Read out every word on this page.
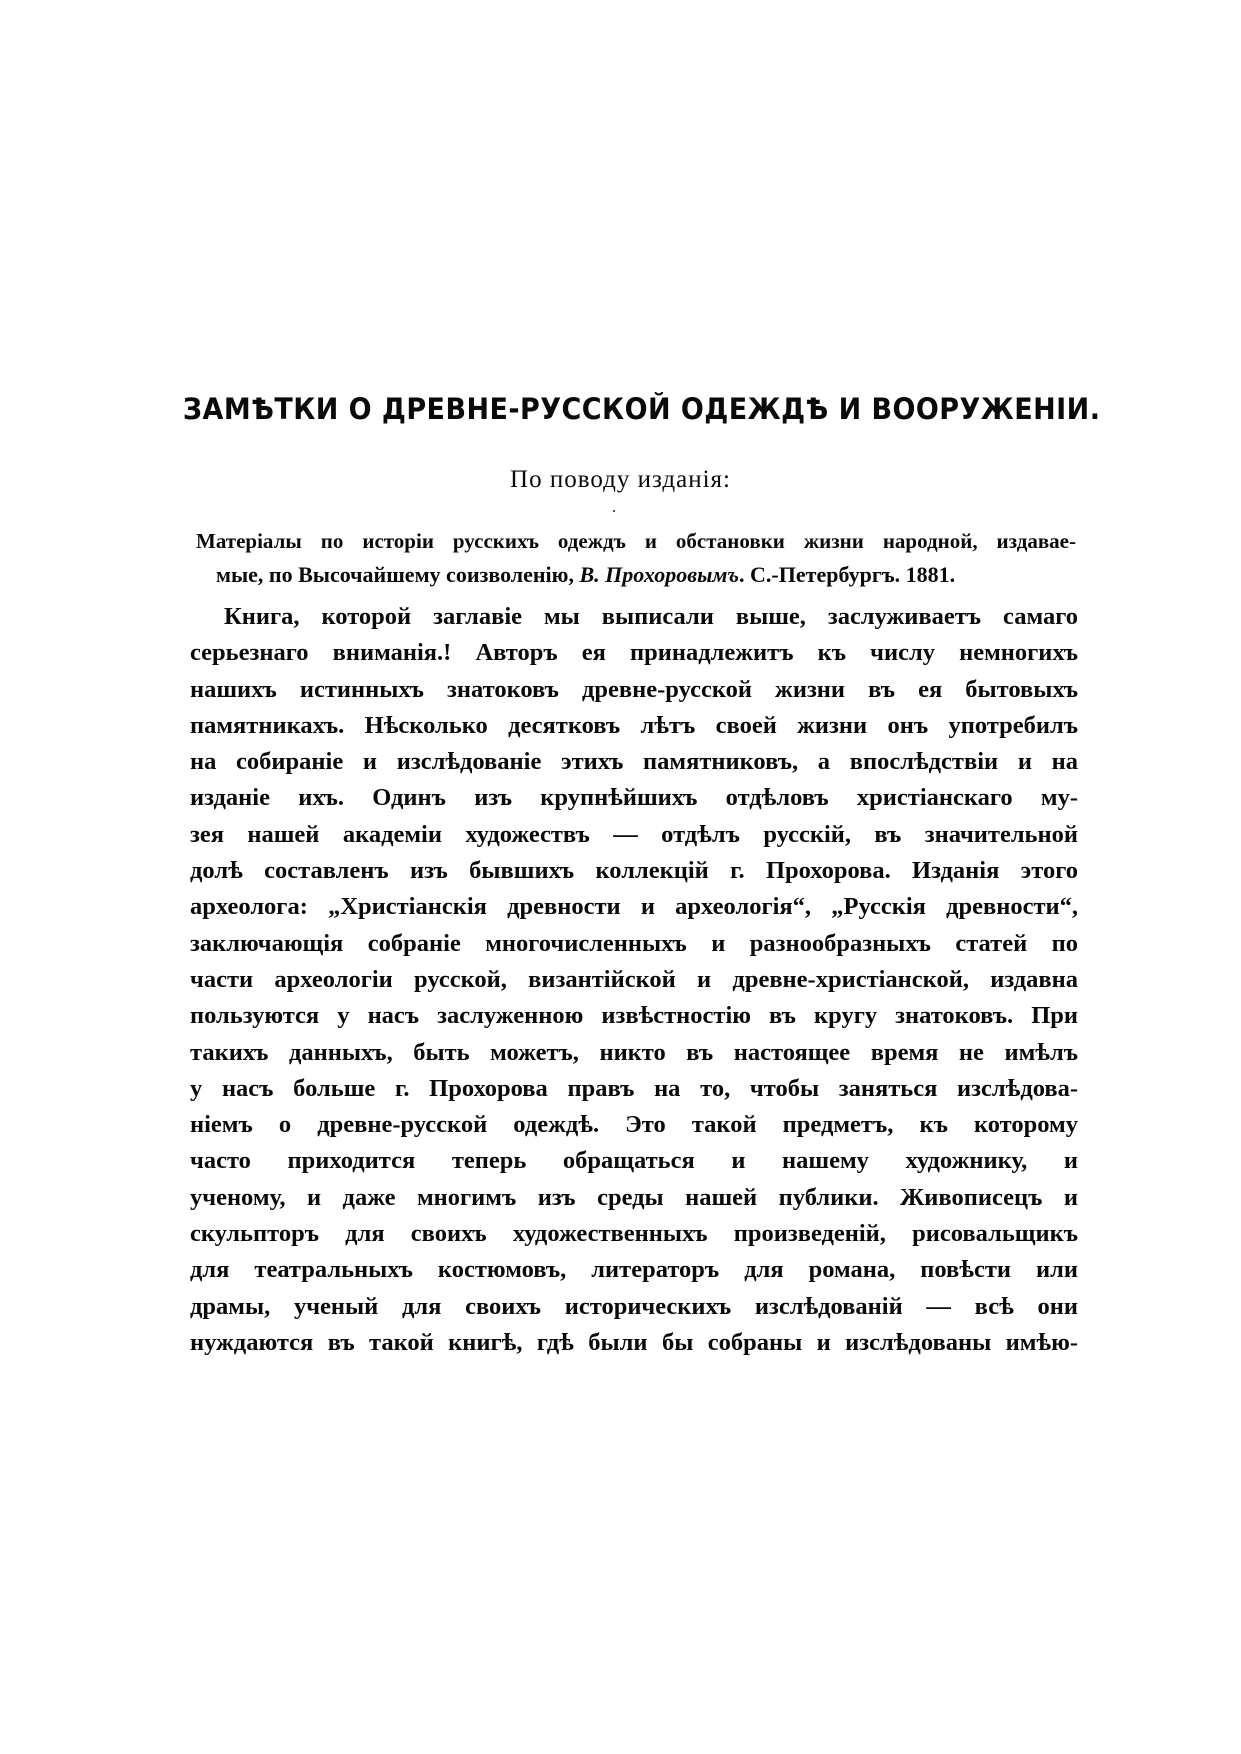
ЗАМѢТКИ О ДРЕВНЕ-РУССКОЙ ОДЕЖДѢ И ВООРУЖЕНІИ.
По поводу изданія:
Матеріалы по исторіи русскихъ одеждъ и обстановки жизни народной, издавае-
мые, по Высочайшему соизволенію, В. Прохоровымъ. С.-Петербургъ. 1881.
Книга, которой заглавіе мы выписали выше, заслуживаетъ самаго
серьезнаго вниманія.! Авторъ ея принадлежитъ къ числу немногихъ
нашихъ истинныхъ знатоковъ древне-русской жизни въ ея бытовыхъ
памятникахъ. Нѣсколько десятковъ лѣтъ своей жизни онъ употребилъ
на собираніе и изслѣдованіе этихъ памятниковъ, а впослѣдствіи и на
изданіе ихъ. Одинъ изъ крупнѣйшихъ отдѣловъ христіанскаго му-
зея нашей академіи художествъ — отдѣлъ русскій, въ значительной
долѣ составленъ изъ бывшихъ коллекцій г. Прохорова. Изданія этого
археолога: „Христіанскія древности и археологія“, „Русскія древности“,
заключающія собраніе многочисленныхъ и разнообразныхъ статей по
части археологіи русской, византійской и древне-христіанской, издавна
пользуются у насъ заслуженною извѣстностію въ кругу знатоковъ. При
такихъ данныхъ, быть можетъ, никто въ настоящее время не имѣлъ
у насъ больше г. Прохорова правъ на то, чтобы заняться изслѣдова-
ніемъ о древне-русской одеждѣ. Это такой предметъ, къ которому
часто приходится теперь обращаться и нашему художнику, и
ученому, и даже многимъ изъ среды нашей публики. Живописецъ и
скульпторъ для своихъ художественныхъ произведеній, рисовальщикъ
для театральныхъ костюмовъ, литераторъ для романа, повѣсти или
драмы, ученый для своихъ историческихъ изслѣдованій — всѣ они
нуждаются въ такой книгѣ, гдѣ были бы собраны и изслѣдованы имѣю-
